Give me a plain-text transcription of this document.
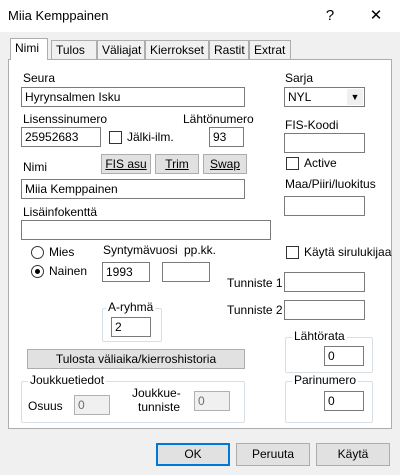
Miia Kemppainen	?	✕
Nimi	Tulos	Väliajat Kierrokset Rastit Extrat
Seura
Hyrynsalmen Isku
Lisenssinumero
25952683	Jälki-ilm.
Lähtönumero
93
Nimi	FIS asu	Trim	Swap
Miia Kemppainen
Lisäinfokenttä
Mies
Nainen
Syntymävuosi
1993
pp.kk.
A-ryhmä
2
Tulosta väliaika/kierroshistoria
Joukkuetiedot
Osuus	0
Joukkue-
tunniste	0
Sarja
NYL	▼
FIS-Koodi
Active
Maa/Piiri/luokitus
Käytä sirulukijaa
Tunniste 1
Tunniste 2
Lähtörata
0
Parinumero
0
OK	Peruuta	Käytä
